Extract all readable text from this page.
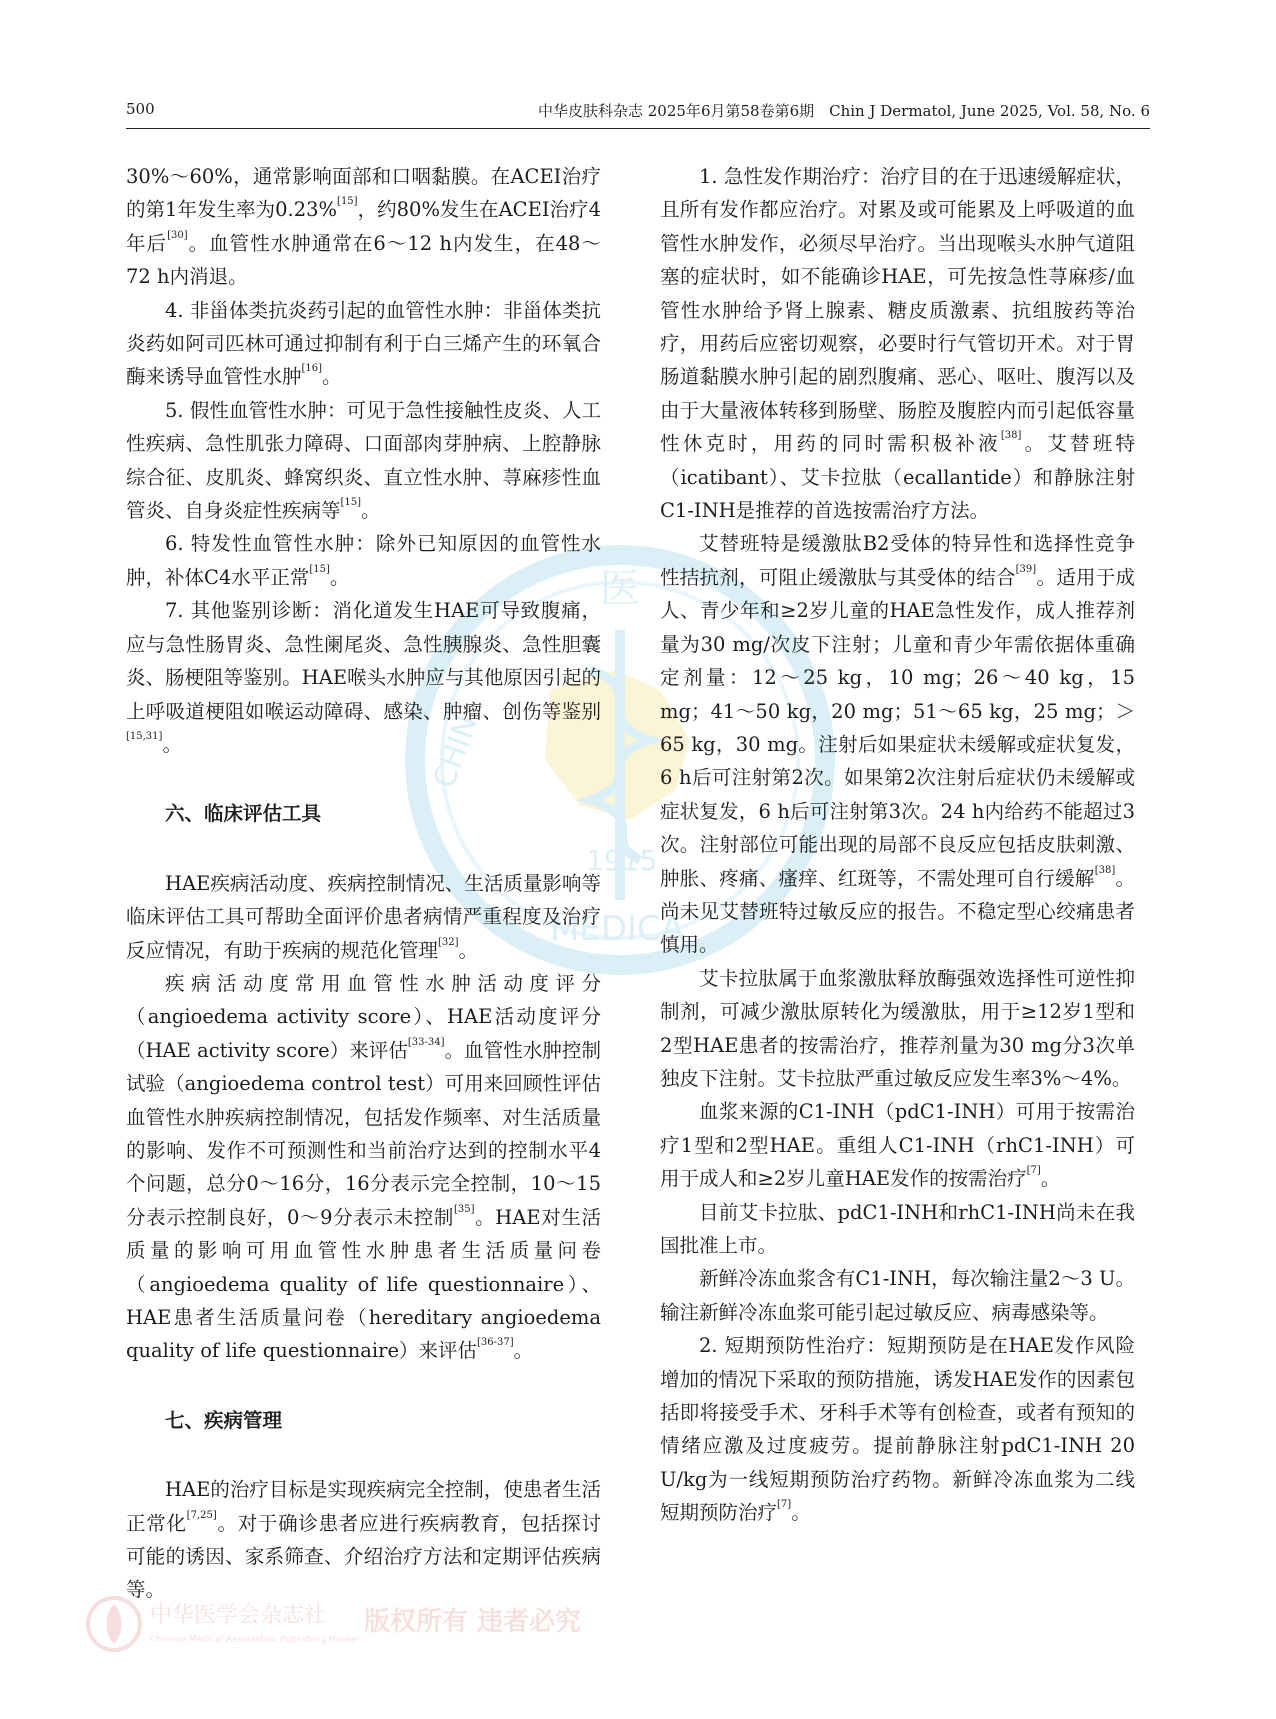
500	中华皮肤科杂志 2025年6月第58卷第6期　Chin J Dermatol, June 2025, Vol. 58, No. 6
医
CHIN
MEDICA
1915

30%～60%，通常影响面部和口咽黏膜。在ACEI治疗的第1年发生率为0.23%[15]，约80%发生在ACEI治疗4年后[30]。血管性水肿通常在6～12 h内发生，在48～72 h内消退。

4. 非甾体类抗炎药引起的血管性水肿：非甾体类抗炎药如阿司匹林可通过抑制有利于白三烯产生的环氧合酶来诱导血管性水肿[16]。

5. 假性血管性水肿：可见于急性接触性皮炎、人工性疾病、急性肌张力障碍、口面部肉芽肿病、上腔静脉综合征、皮肌炎、蜂窝织炎、直立性水肿、荨麻疹性血管炎、自身炎症性疾病等[15]。

6. 特发性血管性水肿：除外已知原因的血管性水肿，补体C4水平正常[15]。

7. 其他鉴别诊断：消化道发生HAE可导致腹痛，应与急性肠胃炎、急性阑尾炎、急性胰腺炎、急性胆囊炎、肠梗阻等鉴别。HAE喉头水肿应与其他原因引起的上呼吸道梗阻如喉运动障碍、感染、肿瘤、创伤等鉴别[15,31]。

六、临床评估工具

HAE疾病活动度、疾病控制情况、生活质量影响等临床评估工具可帮助全面评价患者病情严重程度及治疗反应情况，有助于疾病的规范化管理[32]。

疾病活动度常用血管性水肿活动度评分（angioedema activity score）、HAE活动度评分（HAE activity score）来评估[33-34]。血管性水肿控制试验（angioedema control test）可用来回顾性评估血管性水肿疾病控制情况，包括发作频率、对生活质量的影响、发作不可预测性和当前治疗达到的控制水平4个问题，总分0～16分，16分表示完全控制，10～15分表示控制良好，0～9分表示未控制[35]。HAE对生活质量的影响可用血管性水肿患者生活质量问卷（angioedema quality of life questionnaire）、HAE患者生活质量问卷（hereditary angioedema quality of life questionnaire）来评估[36-37]。

七、疾病管理

HAE的治疗目标是实现疾病完全控制，使患者生活正常化[7,25]。对于确诊患者应进行疾病教育，包括探讨可能的诱因、家系筛查、介绍治疗方法和定期评估疾病等。

1. 急性发作期治疗：治疗目的在于迅速缓解症状，且所有发作都应治疗。对累及或可能累及上呼吸道的血管性水肿发作，必须尽早治疗。当出现喉头水肿气道阻塞的症状时，如不能确诊HAE，可先按急性荨麻疹/血管性水肿给予肾上腺素、糖皮质激素、抗组胺药等治疗，用药后应密切观察，必要时行气管切开术。对于胃肠道黏膜水肿引起的剧烈腹痛、恶心、呕吐、腹泻以及由于大量液体转移到肠壁、肠腔及腹腔内而引起低容量性休克时，用药的同时需积极补液[38]。艾替班特（icatibant）、艾卡拉肽（ecallantide）和静脉注射C1-INH是推荐的首选按需治疗方法。

艾替班特是缓激肽B2受体的特异性和选择性竞争性拮抗剂，可阻止缓激肽与其受体的结合[39]。适用于成人、青少年和≥2岁儿童的HAE急性发作，成人推荐剂量为30 mg/次皮下注射；儿童和青少年需依据体重确定剂量：12～25 kg，10 mg；26～40 kg，15 mg；41～50 kg，20 mg；51～65 kg，25 mg；＞65 kg，30 mg。注射后如果症状未缓解或症状复发，6 h后可注射第2次。如果第2次注射后症状仍未缓解或症状复发，6 h后可注射第3次。24 h内给药不能超过3次。注射部位可能出现的局部不良反应包括皮肤刺激、肿胀、疼痛、瘙痒、红斑等，不需处理可自行缓解[38]。尚未见艾替班特过敏反应的报告。不稳定型心绞痛患者慎用。

艾卡拉肽属于血浆激肽释放酶强效选择性可逆性抑制剂，可减少激肽原转化为缓激肽，用于≥12岁1型和2型HAE患者的按需治疗，推荐剂量为30 mg分3次单独皮下注射。艾卡拉肽严重过敏反应发生率3%～4%。

血浆来源的C1-INH（pdC1-INH）可用于按需治疗1型和2型HAE。重组人C1-INH（rhC1-INH）可用于成人和≥2岁儿童HAE发作的按需治疗[7]。

目前艾卡拉肽、pdC1-INH和rhC1-INH尚未在我国批准上市。

新鲜冷冻血浆含有C1-INH，每次输注量2～3 U。输注新鲜冷冻血浆可能引起过敏反应、病毒感染等。

2. 短期预防性治疗：短期预防是在HAE发作风险增加的情况下采取的预防措施，诱发HAE发作的因素包括即将接受手术、牙科手术等有创检查，或者有预知的情绪应激及过度疲劳。提前静脉注射pdC1-INH 20 U/kg为一线短期预防治疗药物。新鲜冷冻血浆为二线短期预防治疗[7]。

中华医学会杂志社
Chinese Medical Association Publishing House
版权所有 违者必究
